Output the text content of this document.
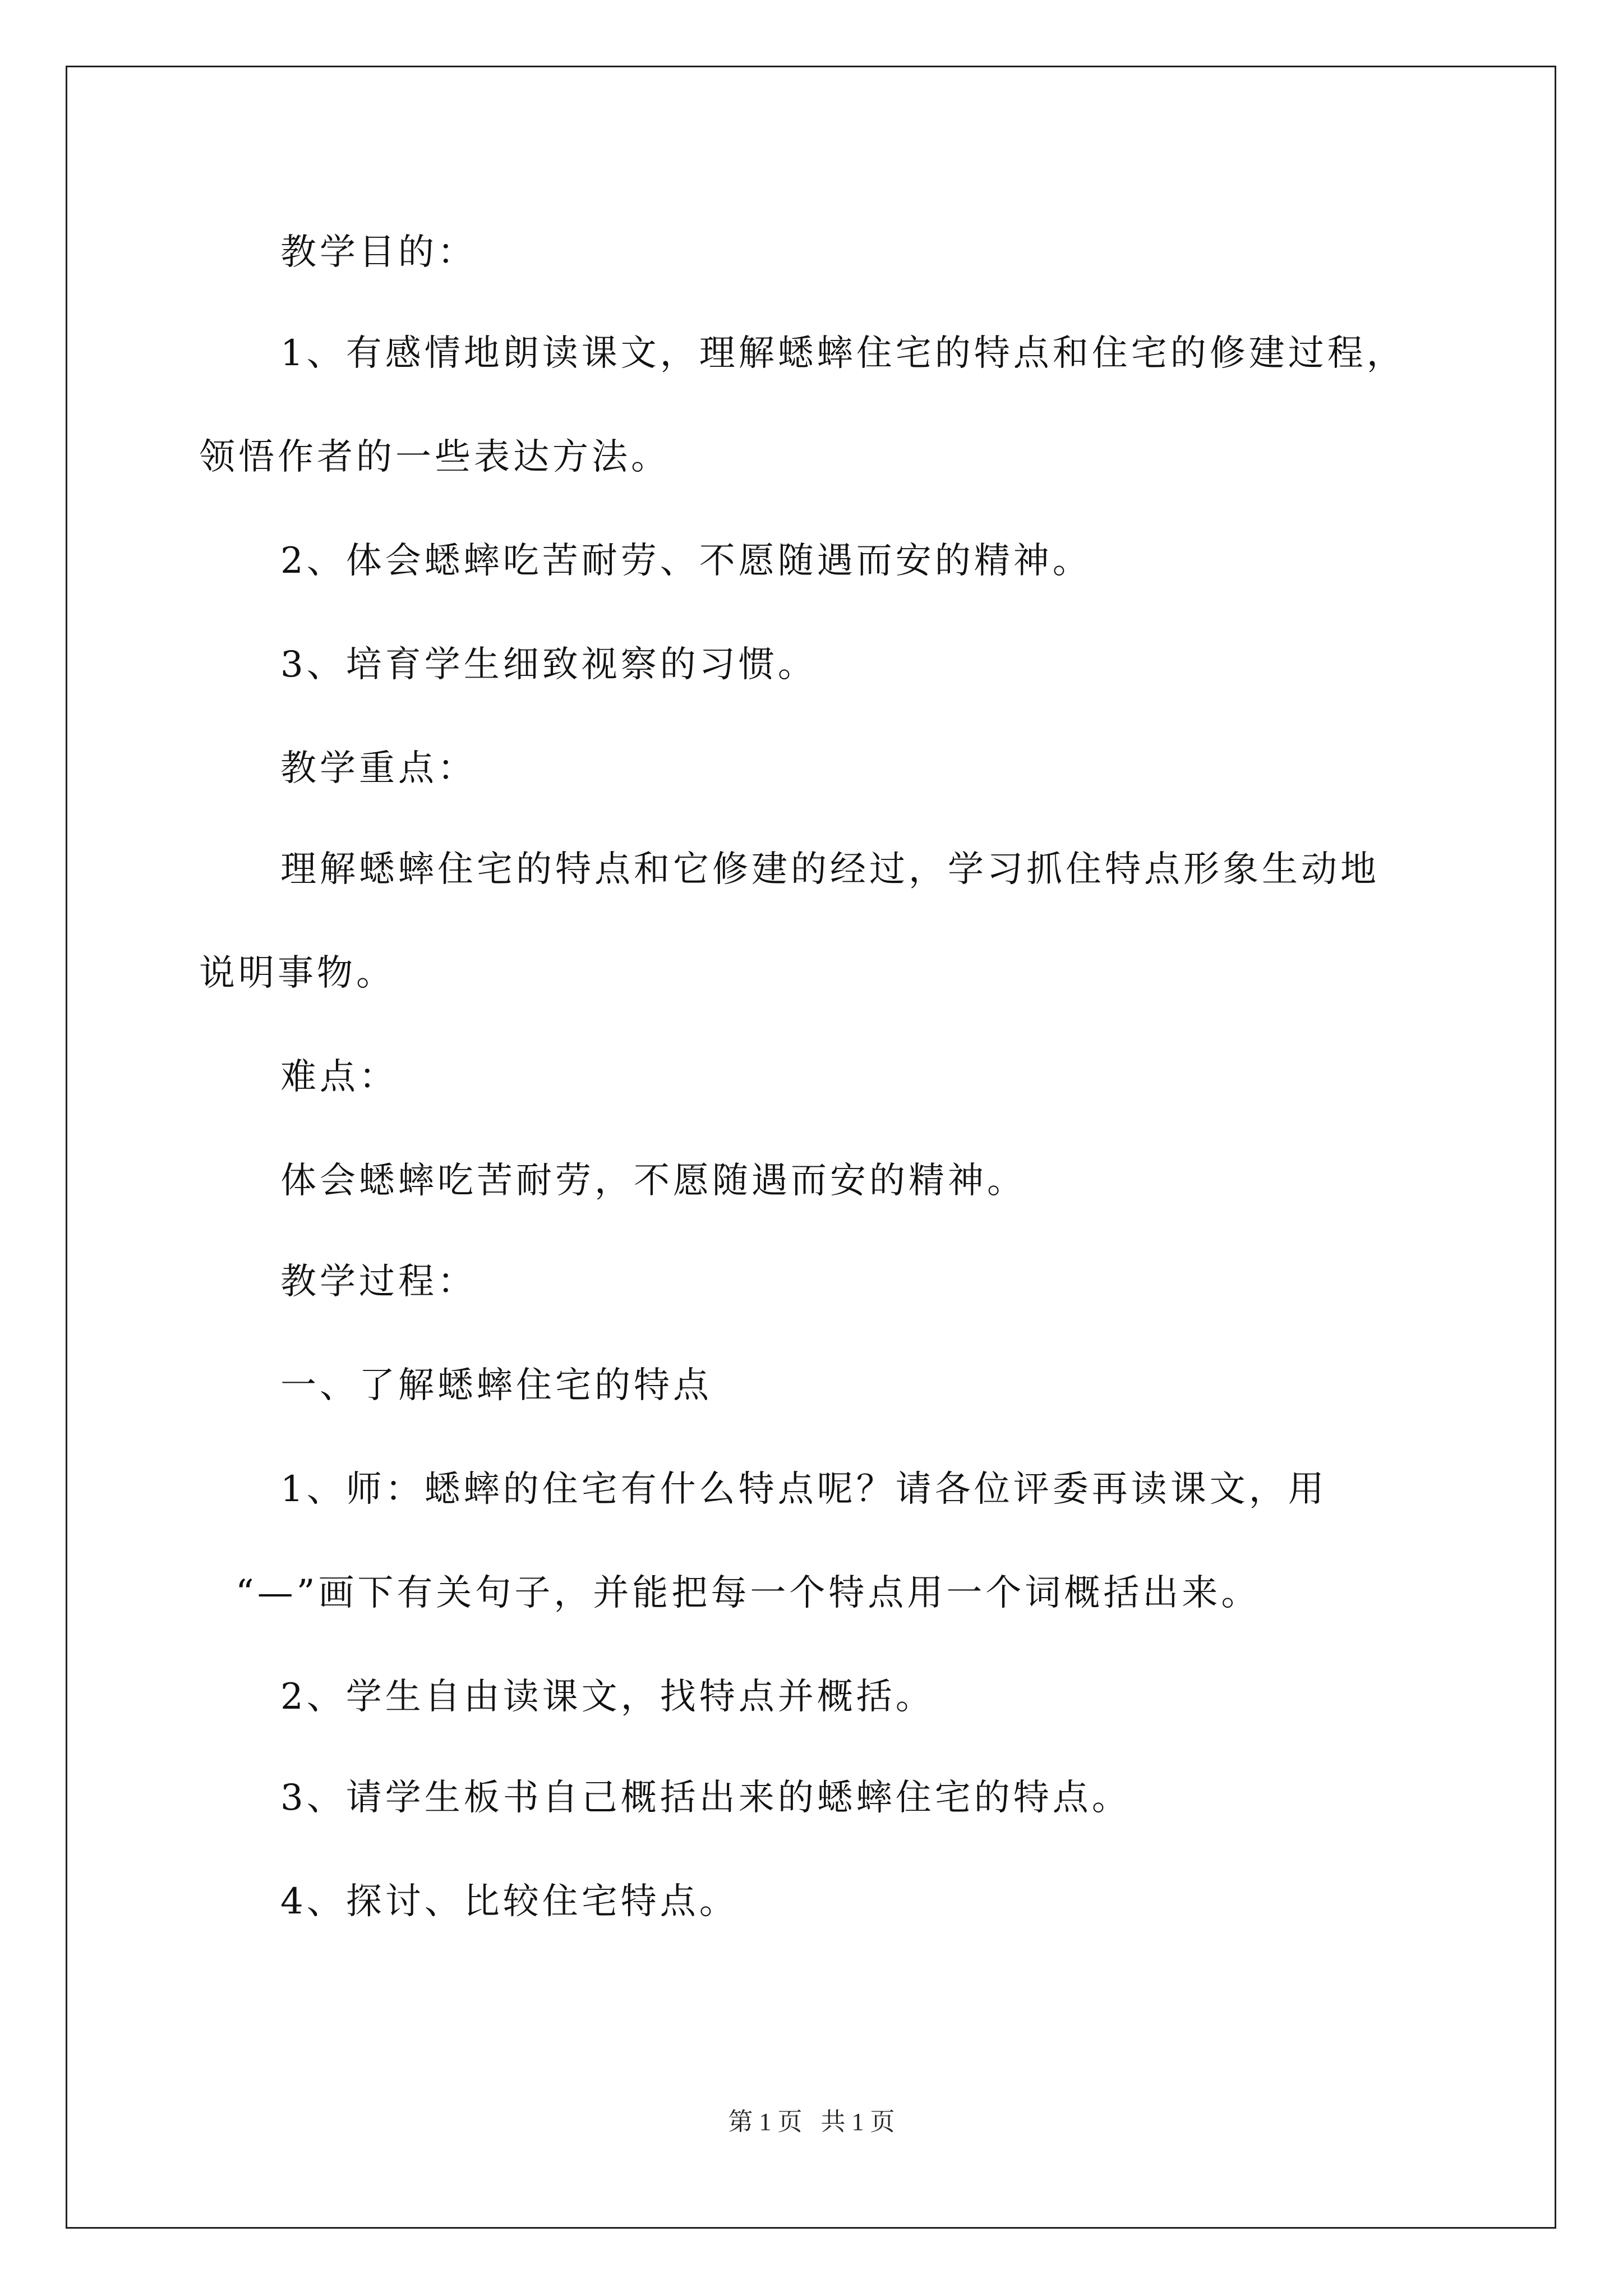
教学目的：
1、有感情地朗读课文，理解蟋蟀住宅的特点和住宅的修建过程，
领悟作者的一些表达方法。
2、体会蟋蟀吃苦耐劳、不愿随遇而安的精神。
3、培育学生细致视察的习惯。
教学重点：
理解蟋蟀住宅的特点和它修建的经过，学习抓住特点形象生动地
说明事物。
难点：
体会蟋蟀吃苦耐劳，不愿随遇而安的精神。
教学过程：
一、了解蟋蟀住宅的特点
1、师：蟋蟀的住宅有什么特点呢？请各位评委再读课文，用
“—”画下有关句子，并能把每一个特点用一个词概括出来。
2、学生自由读课文，找特点并概括。
3、请学生板书自己概括出来的蟋蟀住宅的特点。
4、探讨、比较住宅特点。
第 1 页   共 1 页
